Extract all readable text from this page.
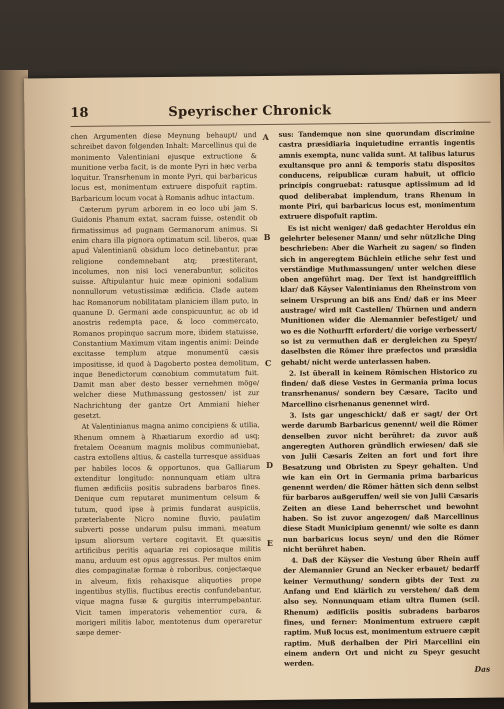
18	Speyrischer Chronick

chen Argumenten diese Meynung behaupt/ und schreibet davon folgenden Inhalt: Marcellinus qui de monimento Valentiniani ejusque extructione & munitione verba facit, is de monte Pyri in hæc verba loquitur. Transrhenum in monte Pyri, qui barbaricus locus est, monimentum extruere dispofuit raptim. Barbaricum locum vocat à Romanis adhuc intactum.

Cæterum pyrum arborem in eo loco ubi jam S. Guidonis Phanum extat, sacram fuisse, ostendit ob firmatissimus ad pugnam Germanorum animus. Si enim chara illa pignora optimatum scil. liberos, quæ apud Valentinianū obsidum loco detinebantur, præ religione condemnebant atq; præstiterant, incolumes, non nisi loci venerabuntur, solicitos suisse. Aftipulantur huic meæ opinioni sodalium nonnullorum vetustissimæ ædificia. Clade autem hac Romanorum nobilitatam planiciem illam puto, in quanune D. Germani æde conspicuuntur, ac ob id anostris redempta pace, & loco commercato, Romanos propinquo sacrum more, ibidem statuisse, Constantium Maximum vitam ingentis animi: Deinde excitasse templum atque monumentū cæsis impositisse, id quod à Dagoberto postea demolitum, inque Benedictorum cœnobium commutatum fuit. Damit man aber desto besser vernehmen möge/ welcher diese Muthmassung gestossen/ ist zur Nachrichtung der gantze Ort Ammiani hieher gesetzt.

At Valentinianus magna animo concipiens & utilia, Rhenum omnem à Rhætiarum exordio ad usq; fretalem Oceanum magnis molibus communiebat, castra extollens altius, & castella turresque assiduas per habiles locos & opportunos, qua Galliarum extenditur longitudo: nonnunquam etiam ultra flumen ædificiis positis subradens barbaros fines. Denique cum reputaret munimentum celsum & tutum, quod ipse à primis fundarat auspiciis, præterlabente Nicro nomine fluvio, paulatim subverti posse undarum pulsu immani, meatum ipsum aliorsum vertere cogitavit. Et quæsitis artificibus peritis aquariæ rei copiosaque militis manu, arduum est opus aggressus. Per multos enim dies compaginatæ formæ è roboribus, conjectæque in alveum, fixis rehaxisque aliquoties prope ingentibus styllis, fluctibus erectis confundebantur, vique magna fusæ & gurgitis interrumpebantur. Vicit tamen imperatoris vehementior cura, & morigeri militis labor, mentotenus dum operaretur sæpe demer-

A
B
C
D
E

sus: Tandemque non sine quorundam discrimine castra præsidiaria inquietudine errantis ingentis amnis exempta, nunc valida sunt. At talibus laturus exultansque pro anni & temporis statu dispositos conducens, reipublicæ curam habuit, ut officio principis congruebat: ratusque aptissimum ad id quod deliberabat implendum, trans Rhenum in monte Piri, qui barbaricus locus est, monimentum extruere dispofuit raptim.

Es ist nicht weniger/ daß gedachter Heroldus ein gelehrter belesener Mann/ und sehr nützliche Ding beschrieben: Aber die Warheit zu sagen/ so finden sich in angeregtem Büchlein etliche sehr fest und verständige Muthmassungen/ unter welchen diese oben angeführt mag. Der Text ist handgreifflich klar/ daß Käyser Valentinianus den Rheinstrom von seinem Ursprung an biß ans End/ daß er ins Meer austrage/ wird mit Castellen/ Thürnen und andern Munitionen wider die Alemannier befestiget/ und wo es die Nothurfft erfordert/ die vorige verbessert/ so ist zu vermuthen daß er dergleichen zu Speyr/ daselbsten die Römer ihre præfectos und præsidia gehabt/ nicht werde unterlassen haben.

2. Ist überall in keinem Römischen Historico zu finden/ daß diese Vestes in Germania prima locus transrhenanus/ sondern bey Cæsare, Tacito und Marcellino cisrhenanus genennet wird.

3. Ists gar ungeschickt/ daß er sagt/ der Ort werde darumb Barbaricus genennt/ weil die Römer denselben zuvor nicht berühret: da zuvor auß angeregten Authoren gründlich erwiesen/ daß sie von Julii Cæsaris Zeiten an fort und fort ihre Besatzung und Obristen zu Speyr gehalten. Und wie kan ein Ort in Germania prima barbaricus genennt werden/ die Römer hätten sich denn selbst für barbaros außgeruffen/ weil sie von Julii Cæsaris Zeiten an diese Land beherrschet und bewohnt haben. So ist zuvor angezogen/ daß Marcellinus diese Stadt Municipium genennt/ wie solte es dann nun barbaricus locus seyn/ und den die Römer nicht berühret haben.

4. Daß der Käyser die Vestung über Rhein auff der Alemannier Grund an Necker erbauet/ bedarff keiner Vermuthung/ sondern gibts der Text zu Anfang und End klärlich zu verstehen/ daß dem also sey. Nonnunquam etiam ultra flumen (scil. Rhenum) ædificiis positis subradens barbaros fines, und ferner: Monimentum extruere cæpit raptim. Muß locus est, monimentum extruere cæpit raptim. Muß derhalben der Piri Marcellini ein einem andern Ort und nicht zu Speyr gesucht werden.

Das
